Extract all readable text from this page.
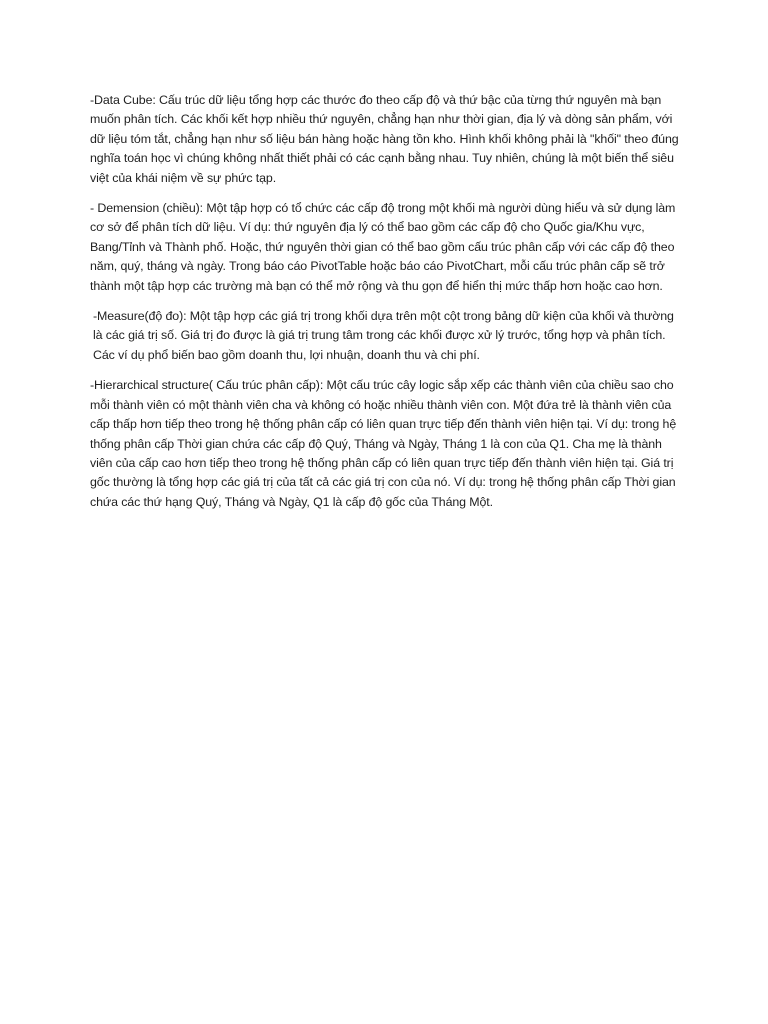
-Data Cube: Cấu trúc dữ liệu tổng hợp các thước đo theo cấp độ và thứ bậc của từng thứ nguyên mà bạn muốn phân tích. Các khối kết hợp nhiều thứ nguyên, chẳng hạn như thời gian, địa lý và dòng sản phẩm, với dữ liệu tóm tắt, chẳng hạn như số liệu bán hàng hoặc hàng tồn kho. Hình khối không phải là "khối" theo đúng nghĩa toán học vì chúng không nhất thiết phải có các cạnh bằng nhau. Tuy nhiên, chúng là một biến thể siêu việt của khái niệm về sự phức tạp.

- Demension (chiều): Một tập hợp có tổ chức các cấp độ trong một khối mà người dùng hiểu và sử dụng làm cơ sở để phân tích dữ liệu. Ví dụ: thứ nguyên địa lý có thể bao gồm các cấp độ cho Quốc gia/Khu vực, Bang/Tỉnh và Thành phố. Hoặc, thứ nguyên thời gian có thể bao gồm cấu trúc phân cấp với các cấp độ theo năm, quý, tháng và ngày. Trong báo cáo PivotTable hoặc báo cáo PivotChart, mỗi cấu trúc phân cấp sẽ trở thành một tập hợp các trường mà bạn có thể mở rộng và thu gọn để hiển thị mức thấp hơn hoặc cao hơn.

-Measure(độ đo): Một tập hợp các giá trị trong khối dựa trên một cột trong bảng dữ kiện của khối và thường là các giá trị số. Giá trị đo được là giá trị trung tâm trong các khối được xử lý trước, tổng hợp và phân tích. Các ví dụ phổ biến bao gồm doanh thu, lợi nhuận, doanh thu và chi phí.

-Hierarchical structure( Cấu trúc phân cấp): Một cấu trúc cây logic sắp xếp các thành viên của chiều sao cho mỗi thành viên có một thành viên cha và không có hoặc nhiều thành viên con. Một đứa trẻ là thành viên của cấp thấp hơn tiếp theo trong hệ thống phân cấp có liên quan trực tiếp đến thành viên hiện tại. Ví dụ: trong hệ thống phân cấp Thời gian chứa các cấp độ Quý, Tháng và Ngày, Tháng 1 là con của Q1. Cha mẹ là thành viên của cấp cao hơn tiếp theo trong hệ thống phân cấp có liên quan trực tiếp đến thành viên hiện tại. Giá trị gốc thường là tổng hợp các giá trị của tất cả các giá trị con của nó. Ví dụ: trong hệ thống phân cấp Thời gian chứa các thứ hạng Quý, Tháng và Ngày, Q1 là cấp độ gốc của Tháng Một.
